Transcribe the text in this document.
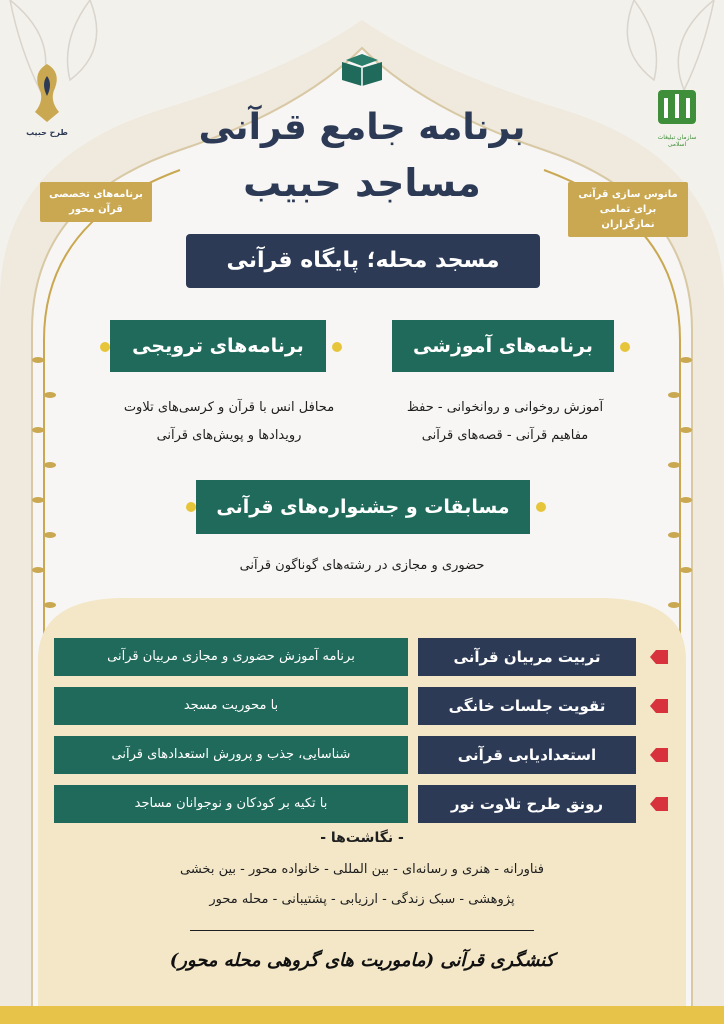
طرح حبیب
سازمان تبلیغات اسلامی
برنامه جامع قرآنی
مساجد حبیب
برنامه‌های تخصصی
قرآن محور
مانوس سازی قرآنی
برای تمامی نمازگزاران
مسجد محله؛ پایگاه قرآنی
برنامه‌های آموزشی
آموزش روخوانی و روانخوانی - حفظ
مفاهیم قرآنی - قصه‌های قرآنی
برنامه‌های ترویجی
محافل انس با قرآن و کرسی‌های تلاوت
رویدادها و پویش‌های قرآنی
مسابقات و جشنواره‌های قرآنی
حضوری و مجازی در رشته‌های گوناگون قرآنی
تربیت مربیان قرآنی
برنامه آموزش حضوری و مجازی مربیان قرآنی
تقویت جلسات خانگی
با محوریت مسجد
استعدادیابی قرآنی
شناسایی، جذب و پرورش استعدادهای قرآنی
رونق طرح تلاوت نور
با تکیه بر کودکان و نوجوانان مساجد
- نگاشت‌ها -
فناورانه - هنری و رسانه‌ای - بین المللی - خانواده محور - بین بخشی
پژوهشی - سبک زندگی - ارزیابی - پشتیبانی - محله محور
کنشگری قرآنی (ماموریت های گروهی محله محور)
